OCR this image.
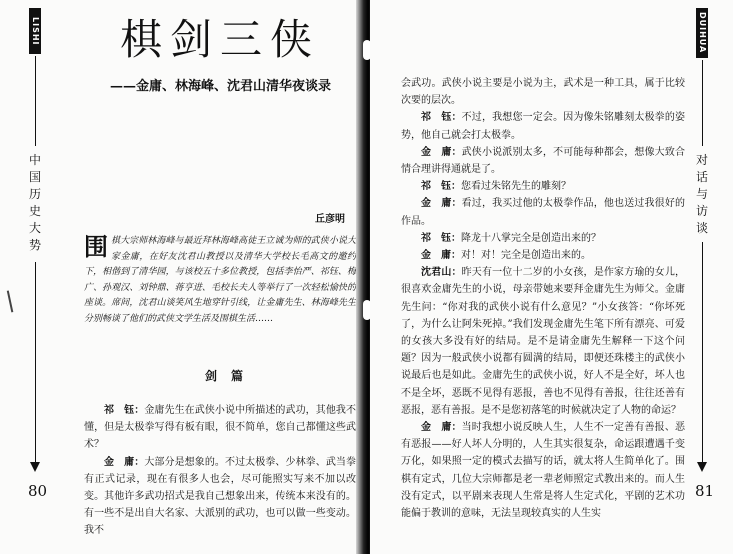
LISHI
中国历史大势
80
棋剑三侠
——金庸、林海峰、沈君山清华夜谈录
丘彦明

围棋大宗师林海峰与最近拜林海峰高徒王立诚为师的武侠小说大家金庸，在好友沈君山教授以及清华大学校长毛高文的邀约下，相偕到了清华园，与该校五十多位教授，包括李怡严、祁钰、梅广、孙观汉、刘钟鼎、蒋亨进、毛校长夫人等举行了一次轻松愉快的座谈。席间，沈君山谈笑风生地穿针引线，让金庸先生、林海峰先生分别畅谈了他们的武侠文学生活及围棋生活……

剑篇

祁　钰：金庸先生在武侠小说中所描述的武功，其他我不懂，但是太极拳写得有板有眼，很不简单，您自己都懂这些武术？

金　庸：大部分是想象的。不过太极拳、少林拳、武当拳有正式记录，现在有很多人也会，尽可能照实写来不加以改变。其他许多武功招式是我自己想象出来，传统本来没有的。有一些不是出自大名家、大派别的武功，也可以做一些变动。我不

DUIHUA
对话与访谈
81

会武功。武侠小说主要是小说为主，武术是一种工具，属于比较次要的层次。

祁　钰：不过，我想您一定会。因为像朱铭雕刻太极拳的姿势，他自己就会打太极拳。

金　庸：武侠小说派别太多，不可能每种都会，想像大致合情合理讲得通就是了。

祁　钰：您看过朱铭先生的雕刻？

金　庸：看过，我买过他的太极拳作品，他也送过我很好的作品。

祁　钰：降龙十八掌完全是创造出来的？

金　庸：对！对！完全是创造出来的。

沈君山：昨天有一位十二岁的小女孩，是作家方瑜的女儿，很喜欢金庸先生的小说，母亲带她来要拜金庸先生为师父。金庸先生问：“你对我的武侠小说有什么意见？”小女孩答：“你坏死了，为什么让阿朱死掉。”我们发现金庸先生笔下所有漂亮、可爱的女孩大多没有好的结局。是不是请金庸先生解释一下这个问题？因为一般武侠小说都有圆满的结局，即便还珠楼主的武侠小说最后也是如此。金庸先生的武侠小说，好人不是全好，坏人也不是全坏，恶既不见得有恶报，善也不见得有善报，往往还善有恶报，恶有善报。是不是您初落笔的时候就决定了人物的命运？

金　庸：当时我想小说反映人生，人生不一定善有善报、恶有恶报——好人坏人分明的，人生其实很复杂，命运跟遭遇千变万化，如果照一定的模式去描写的话，就太将人生简单化了。围棋有定式，几位大宗师都是老一辈老师照定式教出来的。而人生没有定式，以平剧来表现人生常是将人生定式化，平剧的艺术功能偏于教训的意味，无法呈现较真实的人生实
